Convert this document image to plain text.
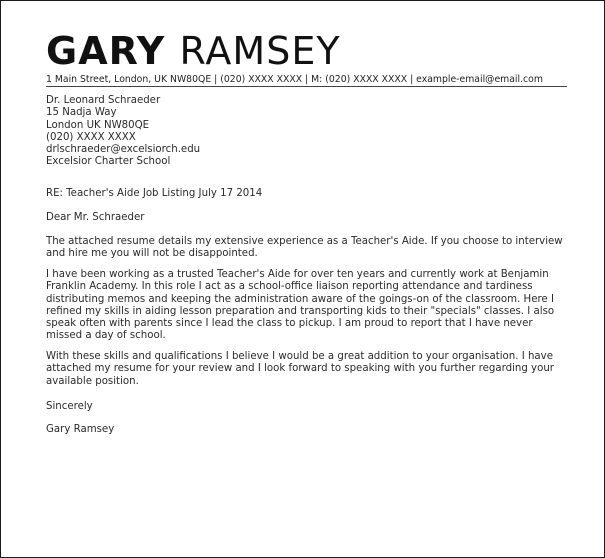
GARY RAMSEY
1 Main Street, London, UK NW80QE | (020) XXXX XXXX | M: (020) XXXX XXXX | example-email@email.com
Dr. Leonard Schraeder
15 Nadja Way
London UK NW80QE
(020) XXXX XXXX
drlschraeder@excelsiorch.edu
Excelsior Charter School

RE: Teacher's Aide Job Listing July 17 2014

Dear Mr. Schraeder

The attached resume details my extensive experience as a Teacher's Aide. If you choose to interview and hire me you will not be disappointed.

I have been working as a trusted Teacher's Aide for over ten years and currently work at Benjamin Franklin Academy. In this role I act as a school-office liaison reporting attendance and tardiness distributing memos and keeping the administration aware of the goings-on of the classroom. Here I refined my skills in aiding lesson preparation and transporting kids to their "specials" classes. I also speak often with parents since I lead the class to pickup. I am proud to report that I have never missed a day of school.

With these skills and qualifications I believe I would be a great addition to your organisation. I have attached my resume for your review and I look forward to speaking with you further regarding your available position.

Sincerely

Gary Ramsey
